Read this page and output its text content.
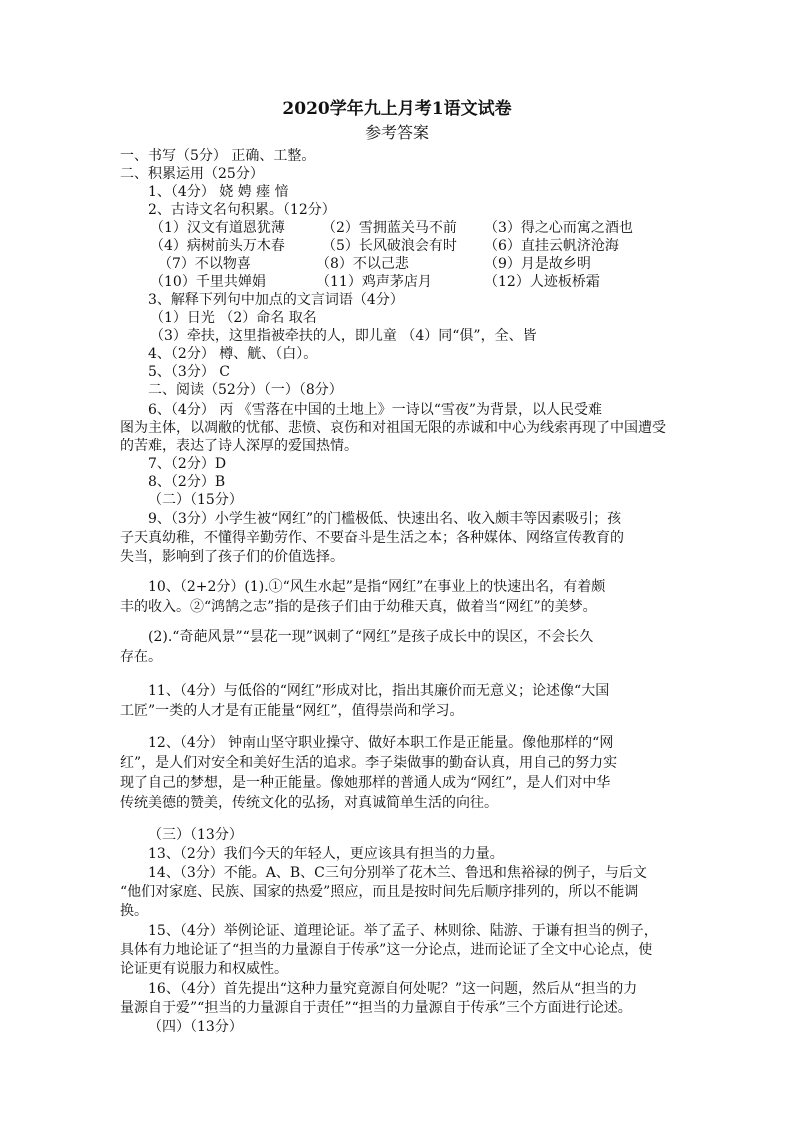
2020学年九上月考1语文试卷
参考答案
一、书写（5分） 正确、工整。
二、积累运用（25分）
1、（4分） 娆 娉 瘗 愔
2、古诗文名句积累。（12分）
（1）汉文有道恩犹薄	（2）雪拥蓝关马不前 （3）得之心而寓之酒也
（4）病树前头万木春	（5）长风破浪会有时 （6）直挂云帆济沧海
（7）不以物喜	（8）不以己悲	（9）月是故乡明
（10）千里共婵娟	（11）鸡声茅店月	（12）人迹板桥霜
3、解释下列句中加点的文言词语（4分）
（1）日光 （2）命名 取名
（3）牵扶，这里指被牵扶的人，即儿童 （4）同“俱”，全、皆
4、（2分） 樽、觥、（白）。
5、（3分） C
二、阅读（52分）（一）（8分）
6、（4分） 丙 《雪落在中国的土地上》一诗以“雪夜”为背景，以人民受难
图为主体，以凋敝的忧郁、悲愤、哀伤和对祖国无限的赤诚和中心为线索再现了中国遭受
的苦难，表达了诗人深厚的爱国热情。
7、（2分）D
8、（2分）B
（二）（15分）
9、（3分）小学生被“网红”的门槛极低、快速出名、收入颇丰等因素吸引；孩
子天真幼稚，不懂得辛勤劳作、不要奋斗是生活之本；各种媒体、网络宣传教育的
失当，影响到了孩子们的价值选择。
10、（2+2分）(1).①“风生水起”是指“网红”在事业上的快速出名，有着颇
丰的收入。②“鸿鹄之志”指的是孩子们由于幼稚天真，做着当“网红”的美梦。
(2).“奇葩风景”“昙花一现”讽刺了“网红”是孩子成长中的误区，不会长久
存在。
11、（4分）与低俗的“网红”形成对比，指出其廉价而无意义；论述像“大国
工匠”一类的人才是有正能量“网红”，值得崇尚和学习。
12、（4分） 钟南山坚守职业操守、做好本职工作是正能量。像他那样的“网
红”，是人们对安全和美好生活的追求。李子柒做事的勤奋认真，用自己的努力实
现了自己的梦想，是一种正能量。像她那样的普通人成为“网红”，是人们对中华
传统美德的赞美，传统文化的弘扬，对真诚简单生活的向往。
（三）（13分）
13、（2分）我们今天的年轻人，更应该具有担当的力量。
14、（3分）不能。A、B、C三句分别举了花木兰、鲁迅和焦裕禄的例子，与后文
“他们对家庭、民族、国家的热爱”照应，而且是按时间先后顺序排列的，所以不能调
换。
15、（4分）举例论证、道理论证。举了孟子、林则徐、陆游、于谦有担当的例子，
具体有力地论证了“担当的力量源自于传承”这一分论点，进而论证了全文中心论点，使
论证更有说服力和权威性。
16、（4分）首先提出“这种力量究竟源自何处呢？”这一问题，然后从“担当的力
量源自于爱”“担当的力量源自于责任”“担当的力量源自于传承”三个方面进行论述。
（四）（13分）
